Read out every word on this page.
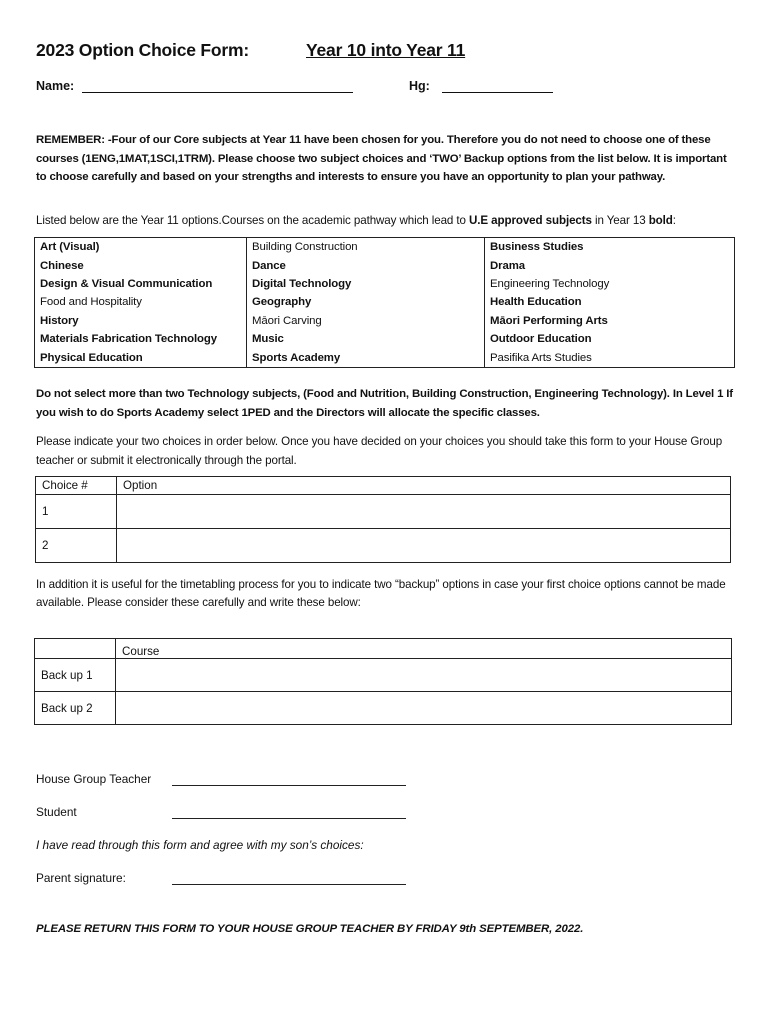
2023 Option Choice Form:	Year 10 into Year 11
Name:	Hg:
REMEMBER: -Four of our Core subjects at Year 11 have been chosen for you. Therefore you do not need to choose one of these courses (1ENG,1MAT,1SCI,1TRM). Please choose two subject choices and ‘TWO’ Backup options from the list below. It is important to choose carefully and based on your strengths and interests to ensure you have an opportunity to plan your pathway.
Listed below are the Year 11 options.Courses on the academic pathway which lead to U.E approved subjects in Year 13 bold:
Art (Visual)	Building Construction	Business Studies
Chinese	Dance	Drama
Design & Visual Communication	Digital Technology	Engineering Technology
Food and Hospitality	Geography	Health Education
History	Māori Carving	Māori Performing Arts
Materials Fabrication Technology	Music	Outdoor Education
Physical Education	Sports Academy	Pasifika Arts Studies
Do not select more than two Technology subjects, (Food and Nutrition, Building Construction, Engineering Technology). In Level 1 If you wish to do Sports Academy select 1PED and the Directors will allocate the specific classes.
Please indicate your two choices in order below. Once you have decided on your choices you should take this form to your House Group teacher or submit it electronically through the portal.
Choice #	Option
1	
2	
In addition it is useful for the timetabling process for you to indicate two “backup” options in case your first choice options cannot be made available. Please consider these carefully and write these below:
	Course
Back up 1	
Back up 2	
House Group Teacher
Student
I have read through this form and agree with my son’s choices:
Parent signature:
PLEASE RETURN THIS FORM TO YOUR HOUSE GROUP TEACHER BY FRIDAY 9th SEPTEMBER, 2022.
